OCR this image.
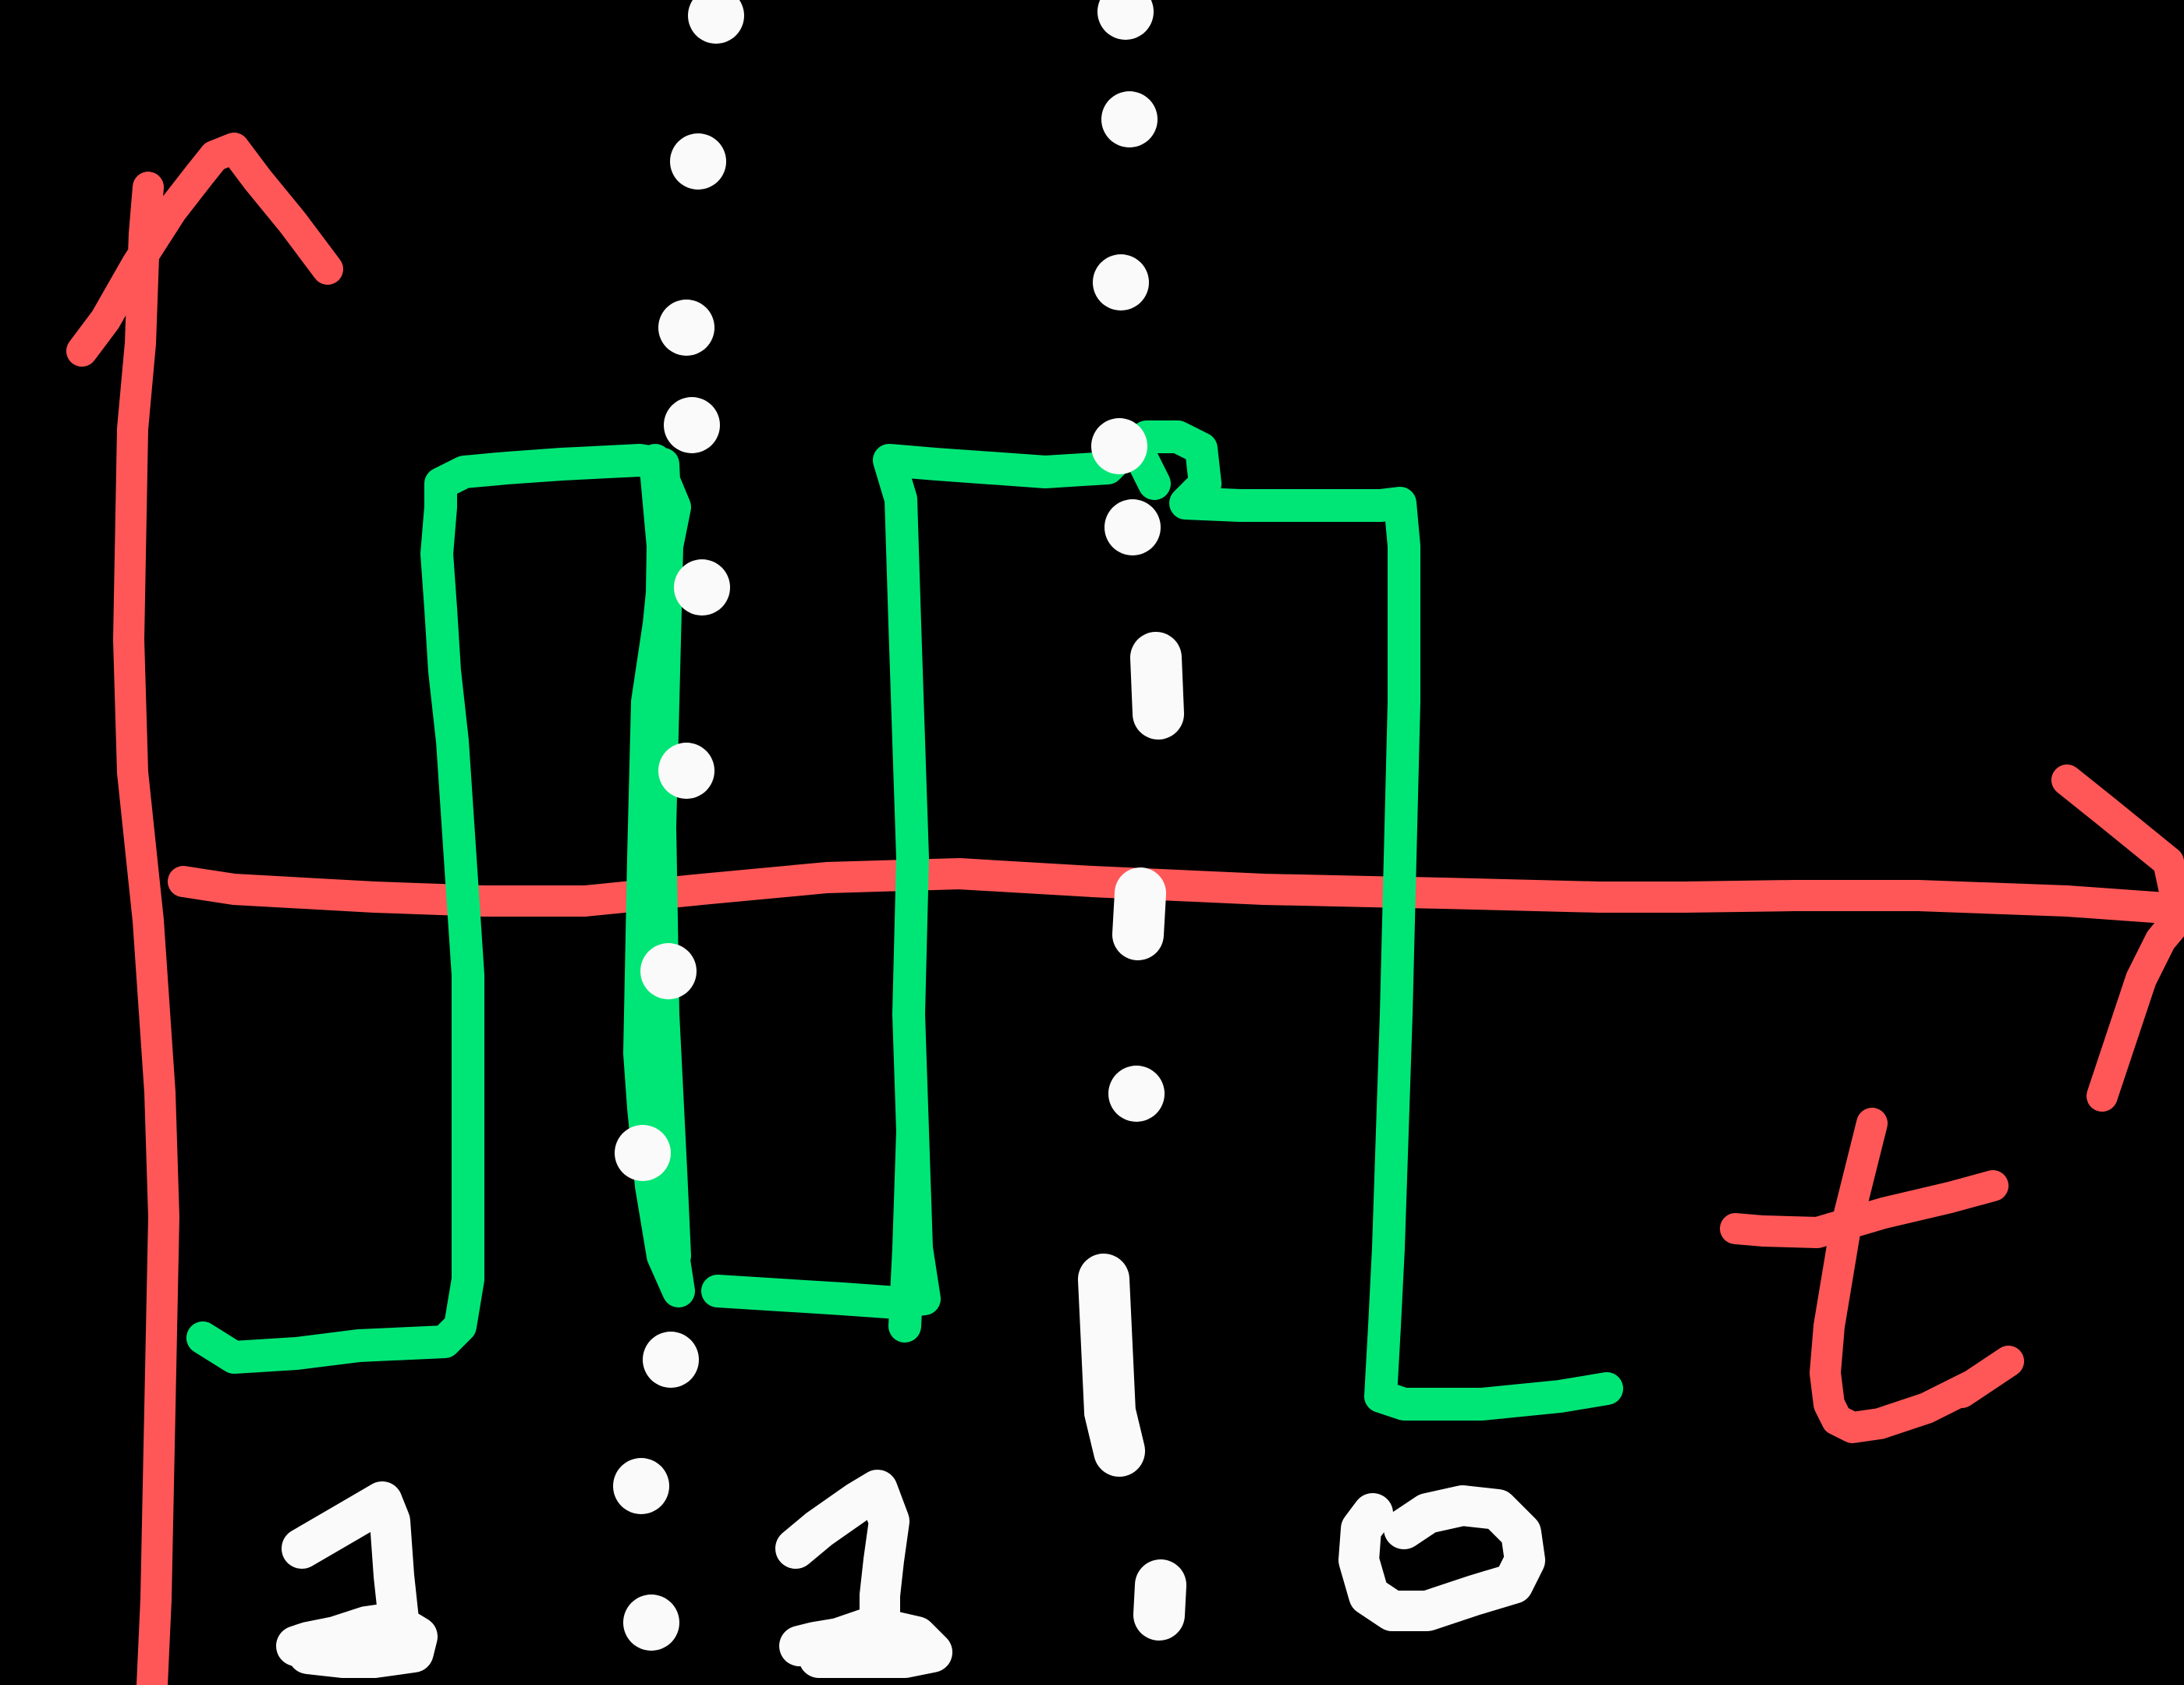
1	1
0
